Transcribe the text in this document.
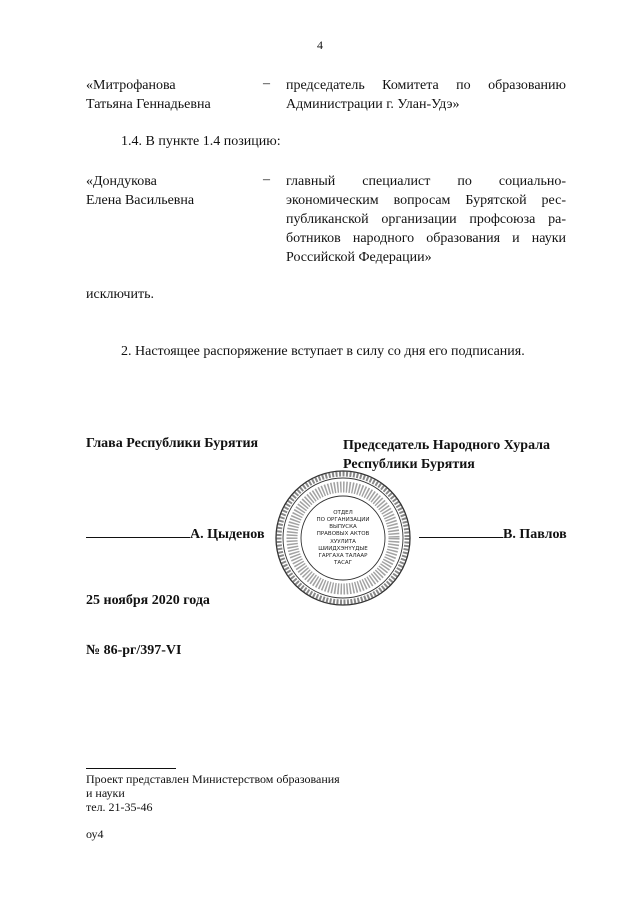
4
«Митрофанова
Татьяна Геннадьевна
– председатель Комитета по образованию
Администрации г. Улан-Удэ»
1.4. В пункте 1.4 позицию:
«Дондукова
Елена Васильевна
– главный специалист по социально-
экономическим вопросам Бурятской рес-
публиканской организации профсоюза ра-
ботников народного образования и науки
Российской Федерации»
исключить.
2. Настоящее распоряжение вступает в силу со дня его подписания.
Глава Республики Бурятия	Председатель Народного Хурала
Республики Бурятия
А. Цыденов	В. Павлов
ОТДЕЛ
ПО ОРГАНИЗАЦИИ
ВЫПУСКА
ПРАВОВЫХ АКТОВ
ХУУЛИТА
ШИИДХЭНҮҮДЫЕ
ГАРГАХА ТАЛААР
ТАСАГ
25 ноября 2020 года
№ 86-рг/397-VI
Проект представлен Министерством образования
и науки
тел. 21-35-46
оу4
